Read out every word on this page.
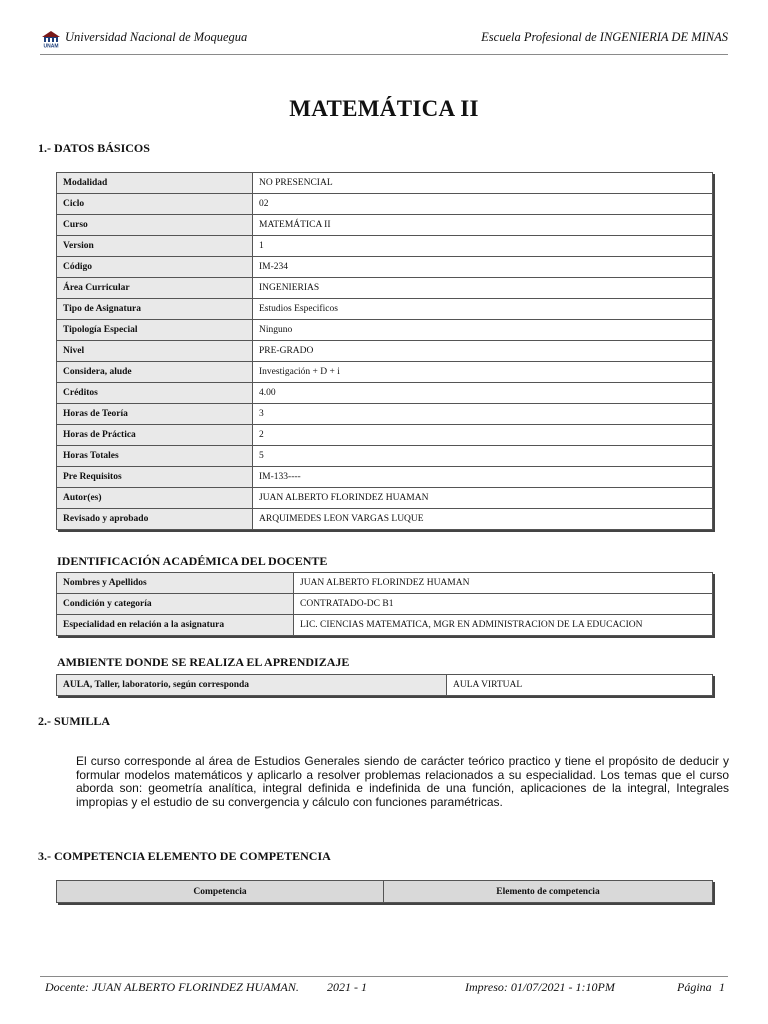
UNAM
Universidad Nacional de Moquegua	Escuela Profesional de INGENIERIA DE MINAS
MATEMÁTICA II
1.- DATOS BÁSICOS
Modalidad	NO PRESENCIAL
Ciclo	02
Curso	MATEMÁTICA II
Version	1
Código	IM-234
Área Curricular	INGENIERIAS
Tipo de Asignatura	Estudios Especificos
Tipología Especial	Ninguno
Nivel	PRE-GRADO
Considera, alude	Investigación + D + i
Créditos	4.00
Horas de Teoría	3
Horas de Práctica	2
Horas Totales	5
Pre Requisitos	IM-133----
Autor(es)	JUAN ALBERTO FLORINDEZ HUAMAN
Revisado y aprobado	ARQUIMEDES LEON VARGAS LUQUE
IDENTIFICACIÓN ACADÉMICA DEL DOCENTE
Nombres y Apellidos	JUAN ALBERTO FLORINDEZ HUAMAN
Condición y categoría	CONTRATADO-DC B1
Especialidad en relación a la asignatura	LIC. CIENCIAS MATEMATICA, MGR EN ADMINISTRACION DE LA EDUCACION
AMBIENTE DONDE SE REALIZA EL APRENDIZAJE
AULA, Taller, laboratorio, según corresponda	AULA VIRTUAL
2.- SUMILLA
El curso corresponde al área de Estudios Generales siendo de carácter teórico practico y tiene el propósito de deducir y formular modelos matemáticos y aplicarlo a resolver problemas relacionados a su especialidad. Los temas que el curso aborda son: geometría analítica, integral definida e indefinida de una función, aplicaciones de la integral, Integrales impropias y el estudio de su convergencia y cálculo con funciones paramétricas.
3.- COMPETENCIA ELEMENTO DE COMPETENCIA
Competencia	Elemento de competencia
Docente: JUAN ALBERTO FLORINDEZ HUAMAN. 2021 - 1	Impreso: 01/07/2021 - 1:10PM	Página 1
